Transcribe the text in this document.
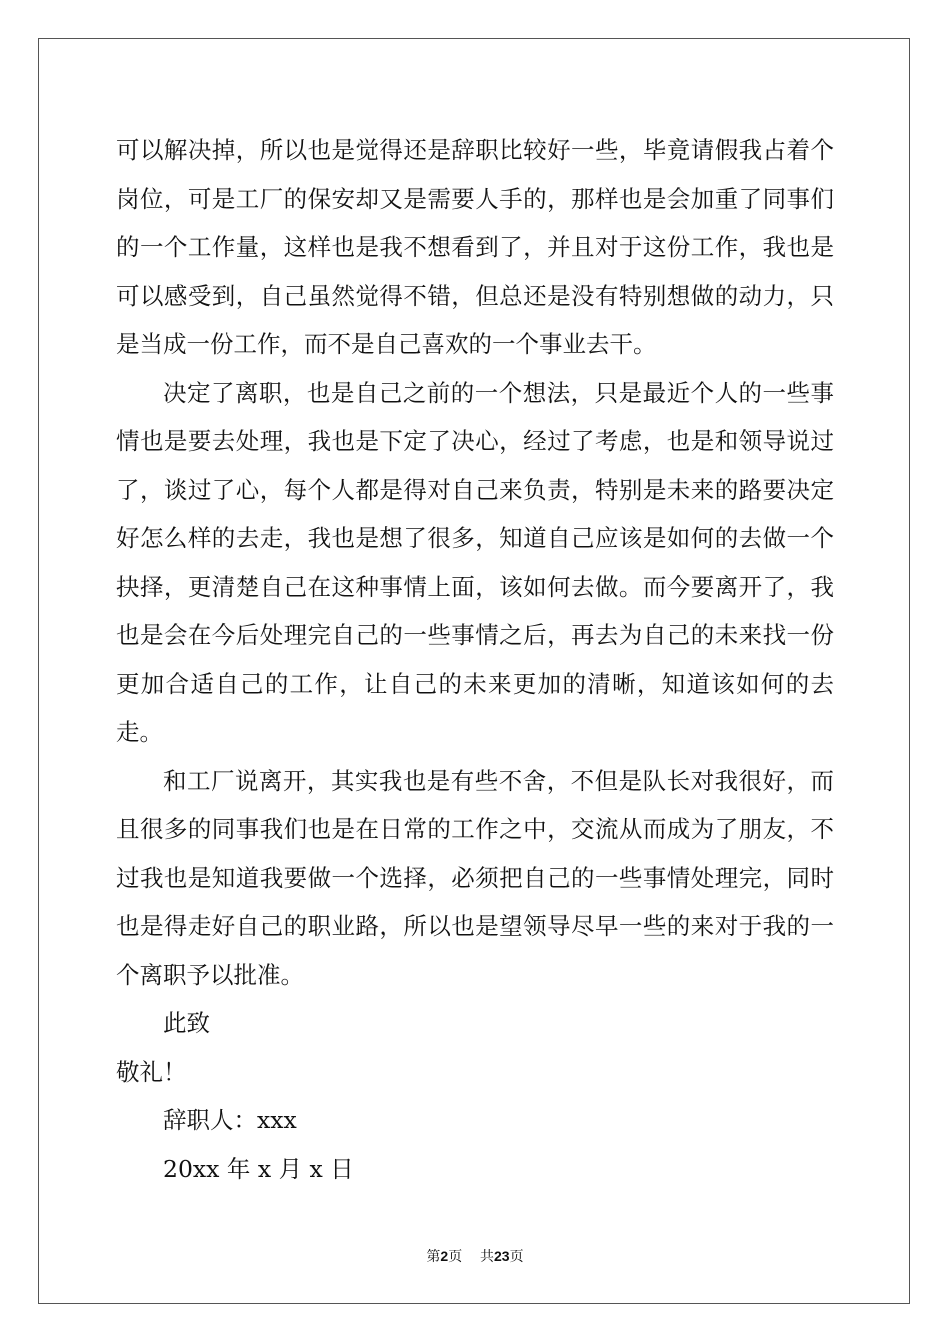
可以解决掉，所以也是觉得还是辞职比较好一些，毕竟请假我占着个岗位，可是工厂的保安却又是需要人手的，那样也是会加重了同事们的一个工作量，这样也是我不想看到了，并且对于这份工作，我也是可以感受到，自己虽然觉得不错，但总还是没有特别想做的动力，只是当成一份工作，而不是自己喜欢的一个事业去干。

决定了离职，也是自己之前的一个想法，只是最近个人的一些事情也是要去处理，我也是下定了决心，经过了考虑，也是和领导说过了，谈过了心，每个人都是得对自己来负责，特别是未来的路要决定好怎么样的去走，我也是想了很多，知道自己应该是如何的去做一个抉择，更清楚自己在这种事情上面，该如何去做。而今要离开了，我也是会在今后处理完自己的一些事情之后，再去为自己的未来找一份更加合适自己的工作，让自己的未来更加的清晰，知道该如何的去走。

和工厂说离开，其实我也是有些不舍，不但是队长对我很好，而且很多的同事我们也是在日常的工作之中，交流从而成为了朋友，不过我也是知道我要做一个选择，必须把自己的一些事情处理完，同时也是得走好自己的职业路，所以也是望领导尽早一些的来对于我的一个离职予以批准。

此致

敬礼！

辞职人：xxx

20xx 年 x 月 x 日

第2页 共23页
